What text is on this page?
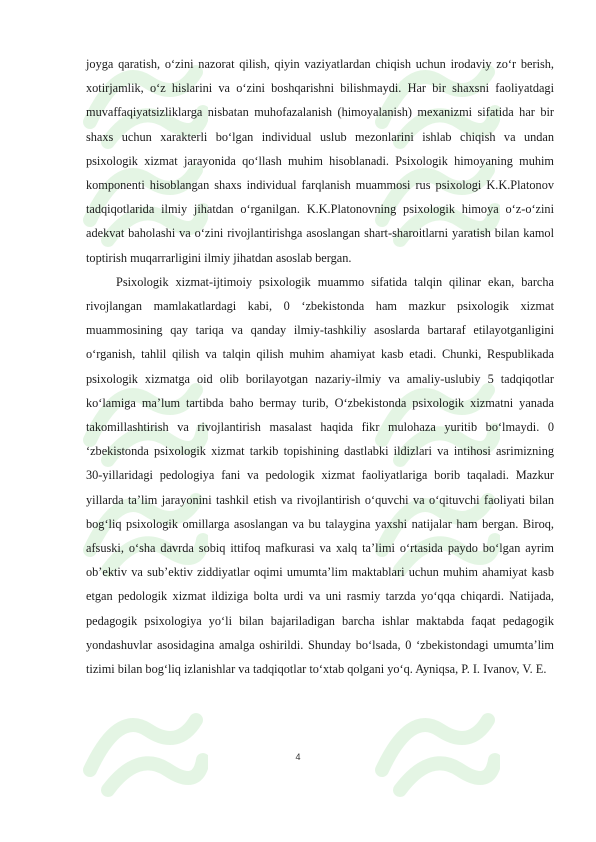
joyga qaratish, o‘zini nazorat qilish, qiyin vaziyatlardan chiqish uchun irodaviy zo‘r berish, xotirjamlik, o‘z hislarini va o‘zini boshqarishni bilishmaydi. Har bir shaxsni faoliyatdagi muvaffaqiyatsizliklarga nisbatan muhofazalanish (himoyalanish) mexanizmi sifatida har bir shaxs uchun xarakterli bo‘lgan individual uslub mezonlarini ishlab chiqish va undan psixologik xizmat jarayonida qo‘llash muhim hisoblanadi. Psixologik himoyaning muhim komponenti hisoblangan shaxs individual farqlanish muammosi rus psixologi K.K.Platonov tadqiqotlarida ilmiy jihatdan o‘rganilgan. K.K.Platonovning psixologik himoya o‘z-o‘zini adekvat baholashi va o‘zini rivojlantirishga asoslangan shart-sharoitlarni yaratish bilan kamol toptirish muqarrarligini ilmiy jihatdan asoslab bergan.

Psixologik xizmat-ijtimoiy psixologik muammo sifatida talqin qilinar ekan, barcha rivojlangan mamlakatlardagi kabi, 0 ‘zbekistonda ham mazkur psixologik xizmat muammosining qay tariqa va qanday ilmiy-tashkiliy asoslarda bartaraf etilayotganligini o‘rganish, tahlil qilish va talqin qilish muhim ahamiyat kasb etadi. Chunki, Respublikada psixologik xizmatga oid olib borilayotgan nazariy-ilmiy va amaliy-uslubiy 5 tadqiqotlar ko‘lamiga ma’lum tartibda baho bermay turib, O‘zbekistonda psixologik xizmatni yanada takomillashtirish va rivojlantirish masalast haqida fikr mulohaza yuritib bo‘lmaydi. 0 ‘zbekistonda psixologik xizmat tarkib topishining dastlabki ildizlari va intihosi asrimizning 30-yillaridagi pedologiya fani va pedologik xizmat faoliyatlariga borib taqaladi. Mazkur yillarda ta’lim jarayonini tashkil etish va rivojlantirish o‘quvchi va o‘qituvchi faoliyati bilan bog‘liq psixologik omillarga asoslangan va bu talaygina yaxshi natijalar ham bergan. Biroq, afsuski, o‘sha davrda sobiq ittifoq mafkurasi va xalq ta’limi o‘rtasida paydo bo‘lgan ayrim ob’ektiv va sub’ektiv ziddiyatlar oqimi umumta’lim maktablari uchun muhim ahamiyat kasb etgan pedologik xizmat ildiziga bolta urdi va uni rasmiy tarzda yo‘qqa chiqardi. Natijada, pedagogik psixologiya yo‘li bilan bajariladigan barcha ishlar maktabda faqat pedagogik yondashuvlar asosidagina amalga oshirildi. Shunday bo‘lsada, 0 ‘zbekistondagi umumta’lim tizimi bilan bog‘liq izlanishlar va tadqiqotlar to‘xtab qolgani yo‘q. Ayniqsa, P. I. Ivanov, V. E.

4
